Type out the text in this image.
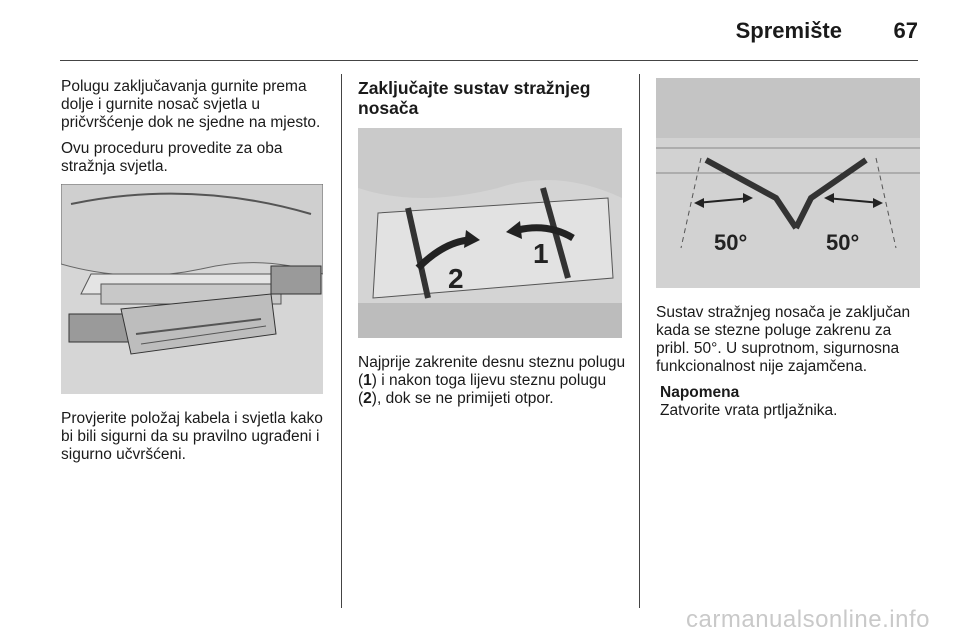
Spremište 67

Polugu zaključavanja gurnite prema dolje i gurnite nosač svjetla u pričvršćenje dok ne sjedne na mjesto.

Ovu proceduru provedite za oba stražnja svjetla.

Provjerite položaj kabela i svjetla kako bi bili sigurni da su pravilno ugrađeni i sigurno učvršćeni.

Zaključajte sustav stražnjeg nosača
1
2

Najprije zakrenite desnu steznu polugu (1) i nakon toga lijevu steznu polugu (2), dok se ne primijeti otpor.

50°	50°

Sustav stražnjeg nosača je zaključan kada se stezne poluge zakrenu za pribl. 50°. U suprotnom, sigurnosna funkcionalnost nije zajamčena.

Napomena

Zatvorite vrata prtljažnika.

carmanualsonline.info
